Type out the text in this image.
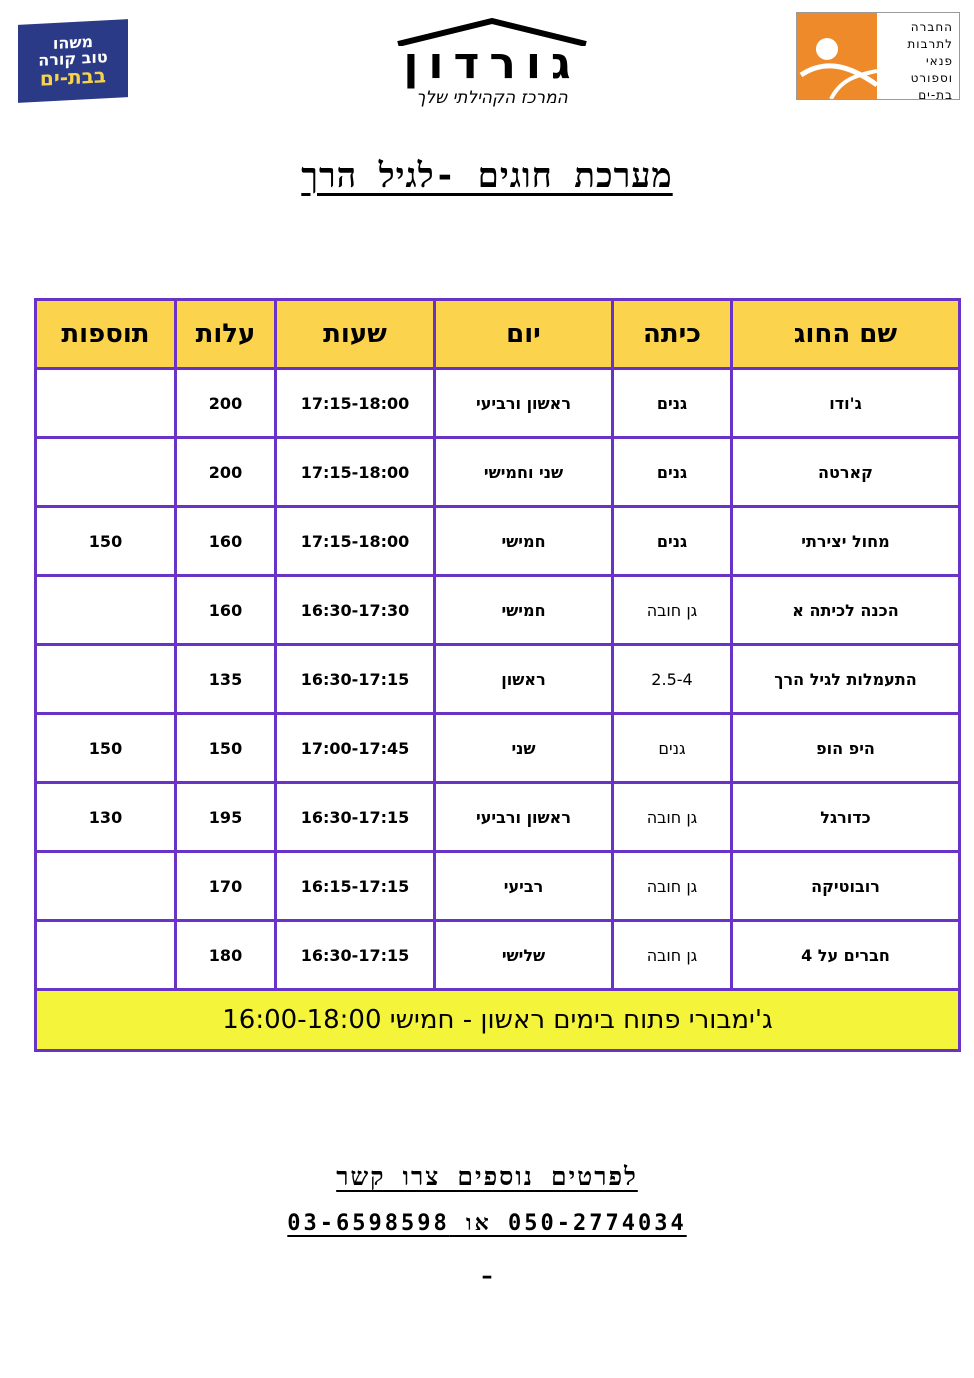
משהו
טוב קורה
בבת-ים	גורדון
המרכז הקהילתי שלך
החברה
לתרבות פנאי
וספורט
בת-ים
מערכת חוגים -לגיל הרך
שם החוג	כיתה	יום	שעות	עלות	תוספות
ג'ודו	גנים	ראשון ורביעי	17:15-18:00	200	
קארטה	גנים	שני וחמישי	17:15-18:00	200	
מחול יצירתי	גנים	חמישי	17:15-18:00	160	150
הכנה לכיתה א	גן חובה	חמישי	16:30-17:30	160	
התעמלות לגיל הרך	2.5-4	ראשון	16:30-17:15	135	
היפ הופ	גנים	שני	17:00-17:45	150	150
כדורגל	גן חובה	ראשון ורביעי	16:30-17:15	195	130
רובוטיקה	גן חובה	רביעי	16:15-17:15	170	
חברים על 4	גן חובה	שלישי	16:30-17:15	180	
ג'ימבורי פתוח בימים ראשון - חמישי 16:00-18:00					
לפרטים נוספים צרו קשר
050-2774034 או 03-6598598
–
